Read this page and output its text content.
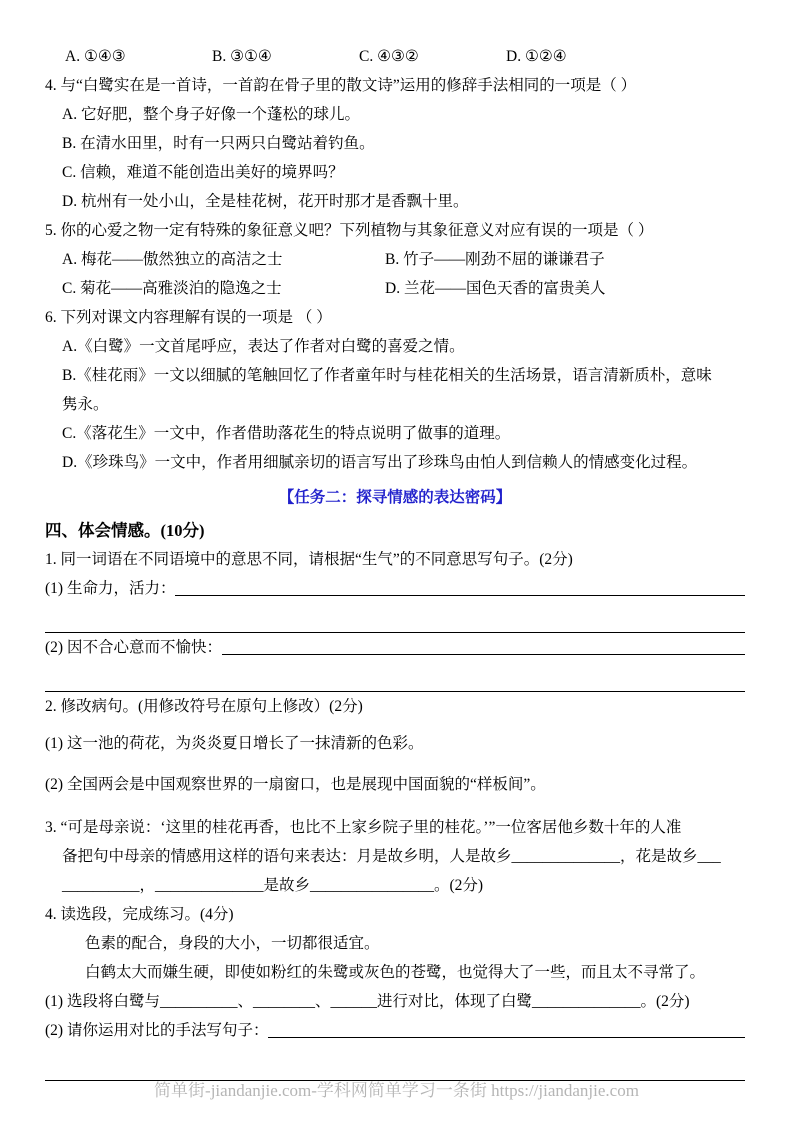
A. ①④③	B. ③①④	C. ④③②	D. ①②④
4. 与“白鹭实在是一首诗，一首韵在骨子里的散文诗”运用的修辞手法相同的一项是（ ）
A. 它好肥，整个身子好像一个蓬松的球儿。
B. 在清水田里，时有一只两只白鹭站着钓鱼。
C. 信赖，难道不能创造出美好的境界吗？
D. 杭州有一处小山，全是桂花树，花开时那才是香飘十里。
5. 你的心爱之物一定有特殊的象征意义吧？下列植物与其象征意义对应有误的一项是（ ）
A. 梅花——傲然独立的高洁之士	B. 竹子——刚劲不屈的谦谦君子
C. 菊花——高雅淡泊的隐逸之士	D. 兰花——国色天香的富贵美人
6. 下列对课文内容理解有误的一项是 （ ）
A.《白鹭》一文首尾呼应，表达了作者对白鹭的喜爱之情。
B.《桂花雨》一文以细腻的笔触回忆了作者童年时与桂花相关的生活场景，语言清新质朴，意味
隽永。
C.《落花生》一文中，作者借助落花生的特点说明了做事的道理。
D.《珍珠鸟》一文中，作者用细腻亲切的语言写出了珍珠鸟由怕人到信赖人的情感变化过程。
【任务二：探寻情感的表达密码】
四、体会情感。(10分)
1. 同一词语在不同语境中的意思不同，请根据“生气”的不同意思写句子。(2分)
(1) 生命力，活力：
(2) 因不合心意而不愉快：
2. 修改病句。(用修改符号在原句上修改）(2分)
(1) 这一池的荷花，为炎炎夏日增长了一抹清新的色彩。
(2) 全国两会是中国观察世界的一扇窗口，也是展现中国面貌的“样板间”。
3. “可是母亲说：‘这里的桂花再香，也比不上家乡院子里的桂花。’”一位客居他乡数十年的人准
备把句中母亲的情感用这样的语句来表达：月是故乡明，人是故乡______________，花是故乡___
__________，______________是故乡________________。(2分)
4. 读选段，完成练习。(4分)
色素的配合，身段的大小，一切都很适宜。
白鹤太大而嫌生硬，即使如粉红的朱鹭或灰色的苍鹭，也觉得大了一些，而且太不寻常了。
(1) 选段将白鹭与__________、________、______进行对比，体现了白鹭______________。(2分)
(2) 请你运用对比的手法写句子：
简单街-jiandanjie.com-学科网简单学习一条街 https://jiandanjie.com
